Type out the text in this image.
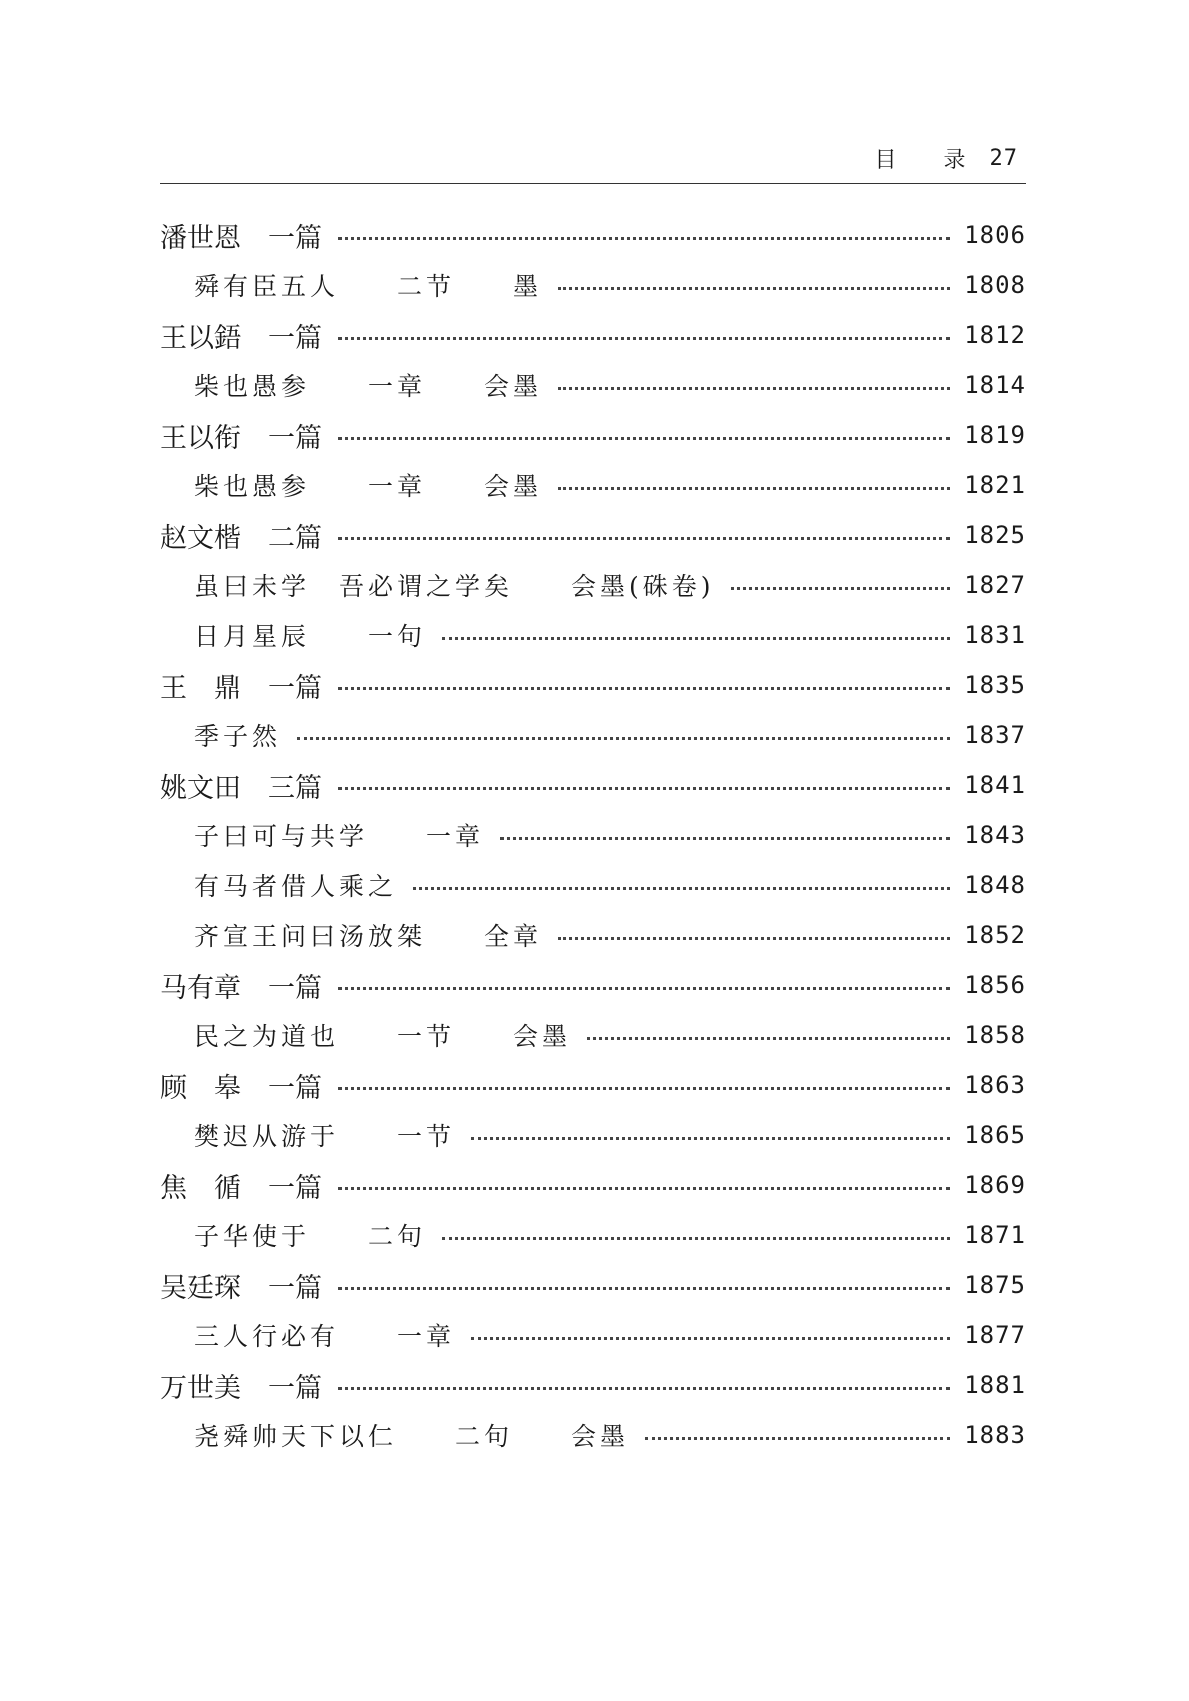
目 录 27
潘世恩　一篇	1806
舜有臣五人　　二节　　墨	1808
王以鋙　一篇	1812
柴也愚参　　一章　　会墨	1814
王以衔　一篇	1819
柴也愚参　　一章　　会墨	1821
赵文楷　二篇	1825
虽曰未学　吾必谓之学矣　　会墨(硃卷)	1827
日月星辰　　一句	1831
王　鼎　一篇	1835
季子然	1837
姚文田　三篇	1841
子曰可与共学　　一章	1843
有马者借人乘之	1848
齐宣王问曰汤放桀　　全章	1852
马有章　一篇	1856
民之为道也　　一节　　会墨	1858
顾　皋　一篇	1863
樊迟从游于　　一节	1865
焦　循　一篇	1869
子华使于　　二句	1871
吴廷琛　一篇	1875
三人行必有　　一章	1877
万世美　一篇	1881
尧舜帅天下以仁　　二句　　会墨	1883
